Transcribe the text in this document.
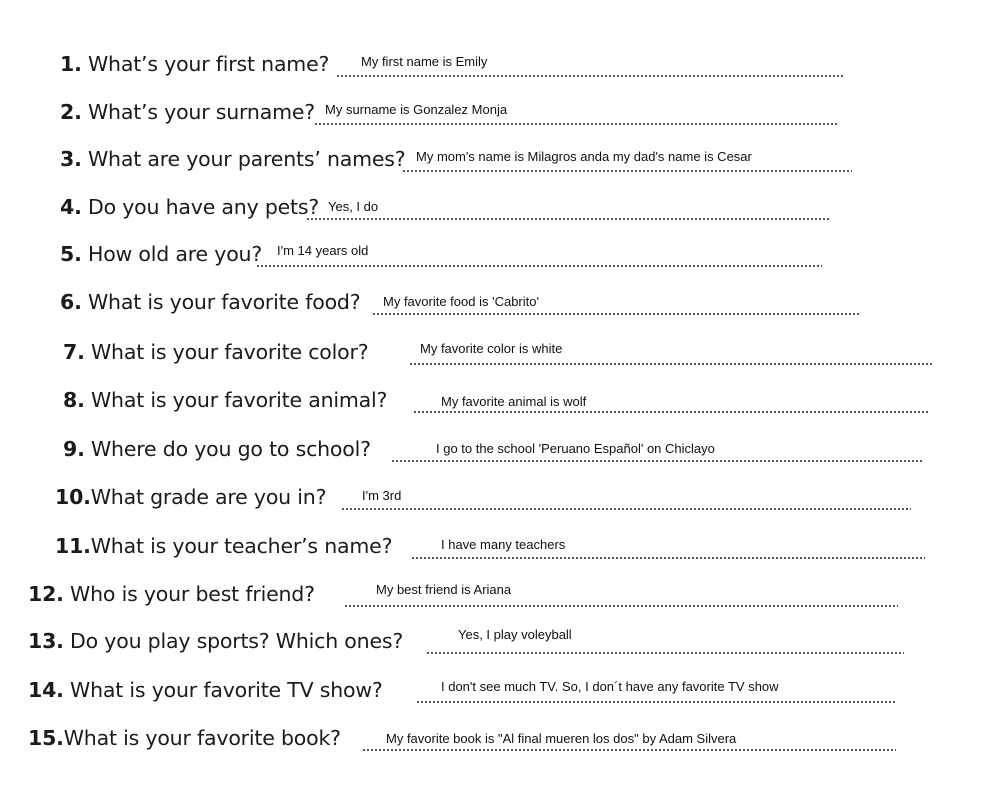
1. What’s your first name? My first name is Emily
2. What’s your surname? My surname is Gonzalez Monja
3. What are your parents’ names? My mom's name is Milagros anda my dad's name is Cesar
4. Do you have any pets? Yes, I do
5. How old are you? I'm 14 years old
6. What is your favorite food? My favorite food is 'Cabrito'
7. What is your favorite color?	My favorite color is white
8. What is your favorite animal?	My favorite animal is wolf
9. Where do you go to school?	I go to the school 'Peruano Español' on Chiclayo
10.What grade are you in?	I'm 3rd
11.What is your teacher’s name?	I have many teachers
12. Who is your best friend?	My best friend is Ariana
13. Do you play sports? Which ones?	Yes, I play voleyball
14. What is your favorite TV show?	I don't see much TV. So, I don´t have any favorite TV show
15.What is your favorite book?	My favorite book is "Al final mueren los dos" by Adam Silvera
